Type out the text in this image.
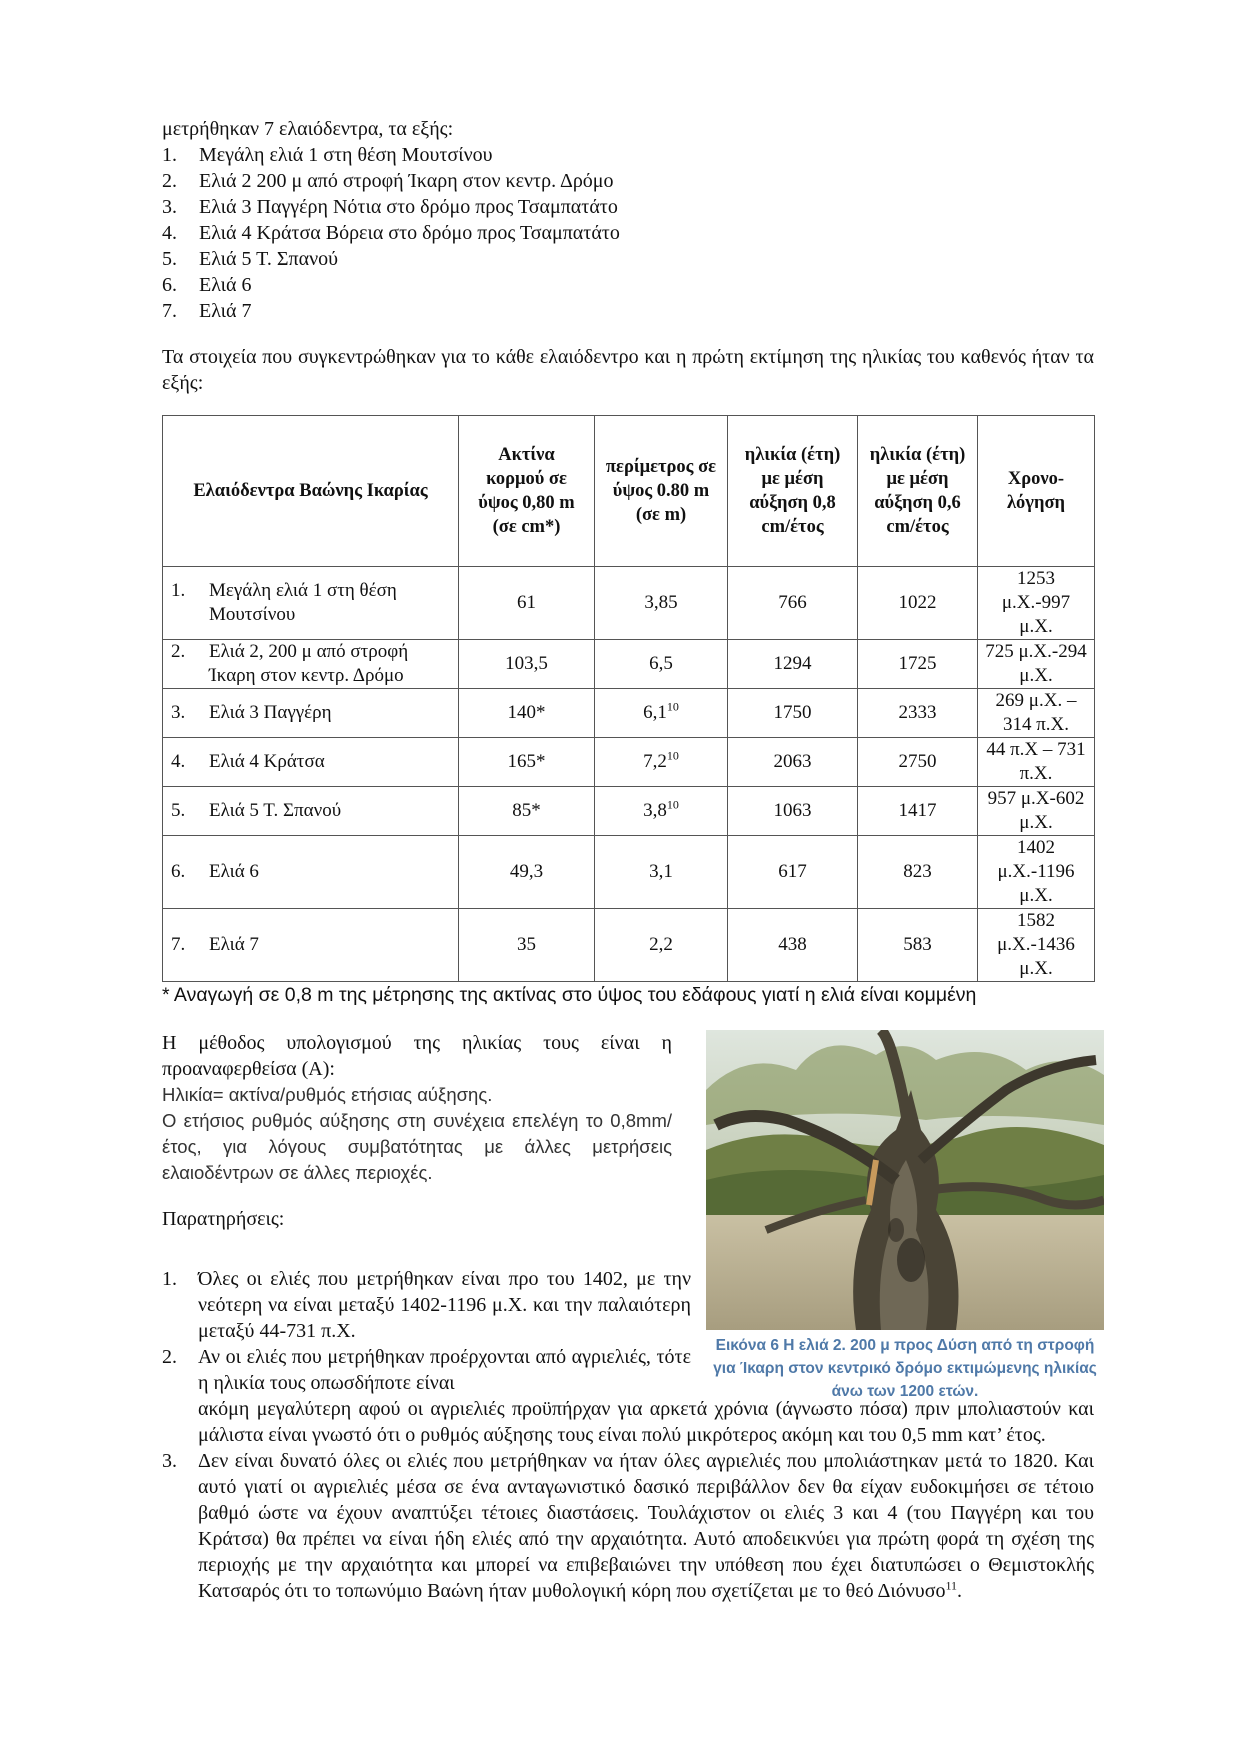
μετρήθηκαν 7 ελαιόδεντρα, τα εξής:

1.	Μεγάλη ελιά 1 στη θέση Μουτσίνου
2.	Ελιά 2 200 μ από στροφή Ίκαρη στον κεντρ. Δρόμο
3.	Ελιά 3 Παγγέρη Νότια στο δρόμο προς Τσαμπατάτο
4.	Ελιά 4 Κράτσα Βόρεια στο δρόμο προς Τσαμπατάτο
5.	Ελιά 5 Τ. Σπανού
6.	Ελιά 6
7.	Ελιά 7

Τα στοιχεία που συγκεντρώθηκαν για το κάθε ελαιόδεντρο και η πρώτη εκτίμηση της ηλικίας του καθενός ήταν τα εξής:

Ελαιόδεντρα Βαώνης Ικαρίας	Ακτίνα κορμού σε ύψος 0,80 m (σε cm*)	περίμετρος σε ύψος 0.80 m (σε m)	ηλικία (έτη) με μέση αύξηση 0,8 cm/έτος	ηλικία (έτη) με μέση αύξηση 0,6 cm/έτος	Χρονο-λόγηση

1. Μεγάλη ελιά 1 στη θέση Μουτσίνου	61	3,85	766	1022	1253 μ.Χ.-997 μ.Χ.

2. Ελιά 2, 200 μ από στροφή Ίκαρη στον κεντρ. Δρόμο	103,5	6,5	1294	1725	725 μ.Χ.-294 μ.Χ.

3. Ελιά 3 Παγγέρη	140*	$6,1^{10}$	1750	2333	269 μ.Χ. – 314 π.Χ.

4. Ελιά 4 Κράτσα	165*	$7,2^{10}$	2063	2750	44 π.Χ – 731 π.Χ.

5. Ελιά 5 Τ. Σπανού	85*	$3,8^{10}$	1063	1417	957 μ.Χ-602 μ.Χ.

6. Ελιά 6	49,3	3,1	617	823	1402 μ.Χ.-1196 μ.Χ.

7. Ελιά 7	35	2,2	438	583	1582 μ.Χ.-1436 μ.Χ.

* Αναγωγή σε 0,8 m της μέτρησης της ακτίνας στο ύψος του εδάφους γιατί η ελιά είναι κομμένη

Εικόνα 6 Η ελιά 2. 200 μ προς Δύση από τη στροφή για Ίκαρη στον κεντρικό δρόμο εκτιμώμενης ηλικίας άνω των 1200 ετών.

Η μέθοδος υπολογισμού της ηλικίας τους είναι η προαναφερθείσα (Α):

Ηλικία= ακτίνα/ρυθμός ετήσιας αύξησης.

Ο ετήσιος ρυθμός αύξησης στη συνέχεια επελέγη το 0,8mm/έτος, για λόγους συμβατότητας με άλλες μετρήσεις ελαιοδέντρων σε άλλες περιοχές.

Παρατηρήσεις:

1.	Όλες οι ελιές που μετρήθηκαν είναι προ του 1402, με την νεότερη να είναι μεταξύ 1402-1196 μ.Χ. και την παλαιότερη μεταξύ 44-731 π.Χ.
2.	Αν οι ελιές που μετρήθηκαν προέρχονται από αγριελιές, τότε η ηλικία τους οπωσδήποτε είναι
ακόμη μεγαλύτερη αφού οι αγριελιές προϋπήρχαν για αρκετά χρόνια (άγνωστο πόσα) πριν μπολιαστούν και μάλιστα είναι γνωστό ότι ο ρυθμός αύξησης τους είναι πολύ μικρότερος ακόμη και του 0,5 mm κατ’ έτος.
3.	Δεν είναι δυνατό όλες οι ελιές που μετρήθηκαν να ήταν όλες αγριελιές που μπολιάστηκαν μετά το 1820. Και αυτό γιατί οι αγριελιές μέσα σε ένα ανταγωνιστικό δασικό περιβάλλον δεν θα είχαν ευδοκιμήσει σε τέτοιο βαθμό ώστε να έχουν αναπτύξει τέτοιες διαστάσεις. Τουλάχιστον οι ελιές 3 και 4 (του Παγγέρη και του Κράτσα) θα πρέπει να είναι ήδη ελιές από την αρχαιότητα. Αυτό αποδεικνύει για πρώτη φορά τη σχέση της περιοχής με την αρχαιότητα και μπορεί να επιβεβαιώνει την υπόθεση που έχει διατυπώσει ο Θεμιστοκλής Κατσαρός ότι το τοπωνύμιο Βαώνη ήταν μυθολογική κόρη που σχετίζεται με το θεό Διόνυσο$^{11}$.
